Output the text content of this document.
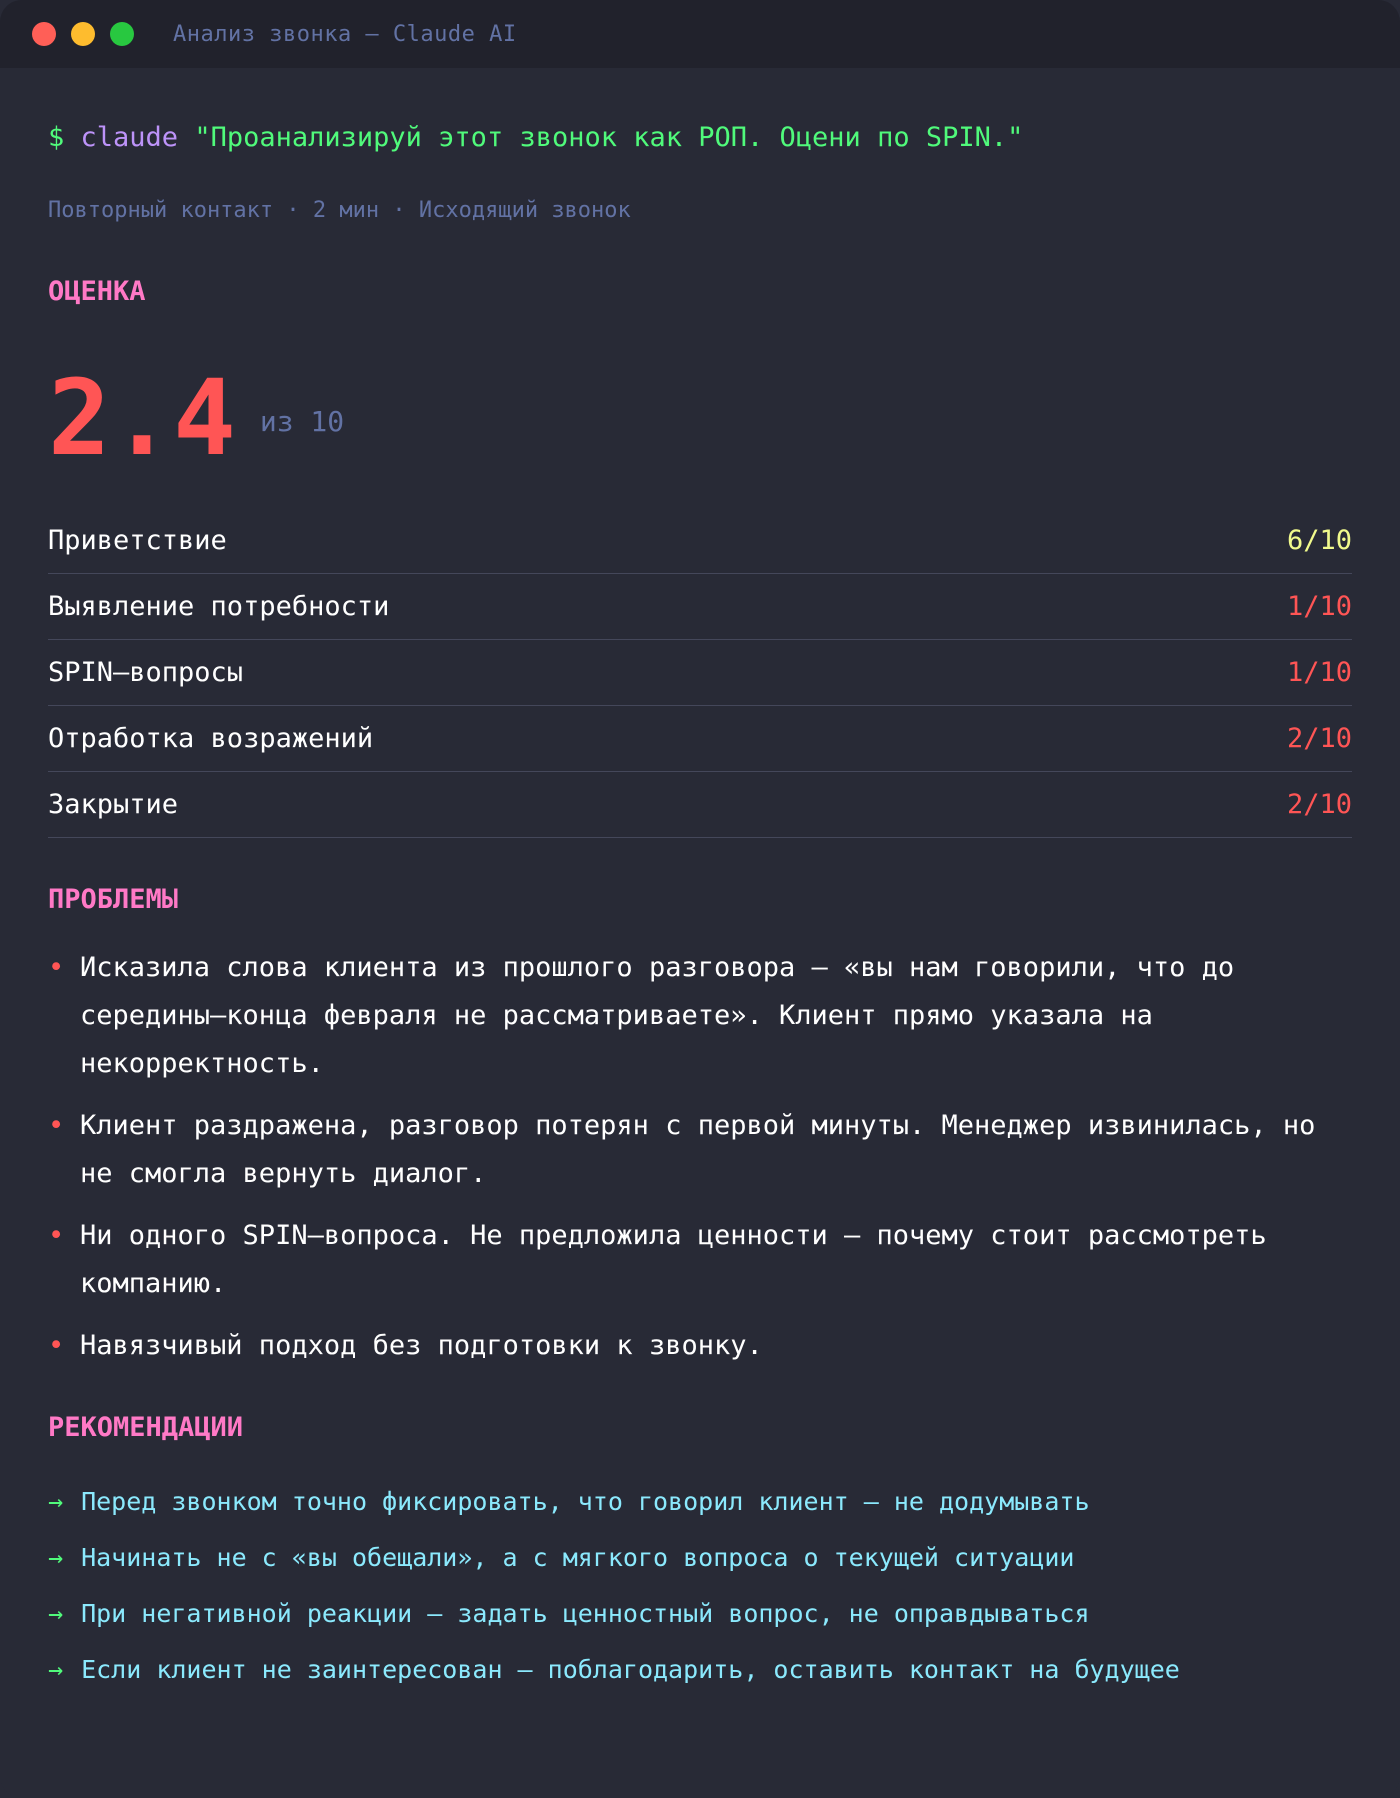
Анализ звонка — Claude AI
$ claude "Проанализируй этот звонок как РОП. Оцени по SPIN."
Повторный контакт · 2 мин · Исходящий звонок
ОЦЕНКА
2.4 из 10
Приветствие	6/10
Выявление потребности	1/10
SPIN–вопросы	1/10
Отработка возражений	2/10
Закрытие	2/10
ПРОБЛЕМЫ
• Исказила слова клиента из прошлого разговора — «вы нам говорили, что до середины–конца февраля не рассматриваете». Клиент прямо указала на некорректность.
• Клиент раздражена, разговор потерян с первой минуты. Менеджер извинилась, но не смогла вернуть диалог.
• Ни одного SPIN–вопроса. Не предложила ценности — почему стоит рассмотреть компанию.
• Навязчивый подход без подготовки к звонку.
РЕКОМЕНДАЦИИ
→ Перед звонком точно фиксировать, что говорил клиент — не додумывать
→ Начинать не с «вы обещали», а с мягкого вопроса о текущей ситуации
→ При негативной реакции — задать ценностный вопрос, не оправдываться
→ Если клиент не заинтересован — поблагодарить, оставить контакт на будущее
